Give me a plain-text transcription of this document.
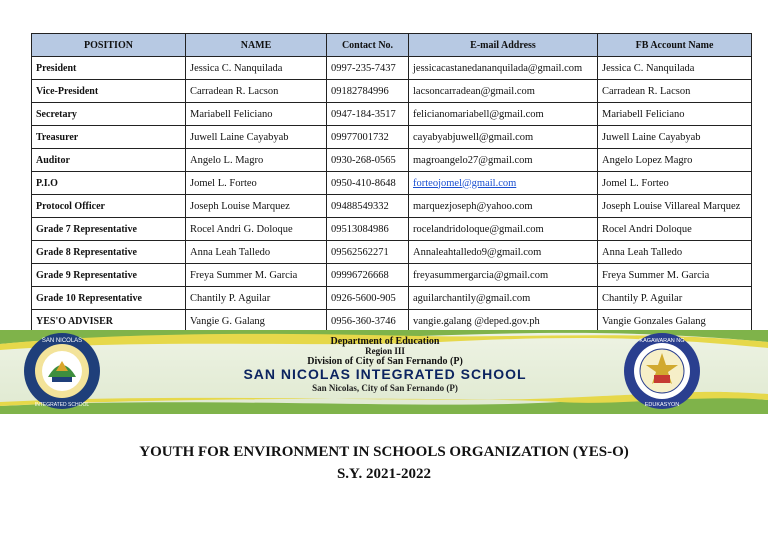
POSITION	NAME	Contact No.	E-mail Address	FB Account Name
President	Jessica C. Nanquilada	0997-235-7437	jessicacastanedananquilada@gmail.com	Jessica C. Nanquilada
Vice-President	Carradean R. Lacson	09182784996	lacsoncarradean@gmail.com	Carradean R. Lacson
Secretary	Mariabell Feliciano	0947-184-3517	felicianomariabell@gmail.com	Mariabell Feliciano
Treasurer	Juwell Laine Cayabyab	09977001732	cayabyabjuwell@gmail.com	Juwell Laine Cayabyab
Auditor	Angelo L. Magro	0930-268-0565	magroangelo27@gmail.com	Angelo Lopez Magro
P.I.O	Jomel L. Forteo	0950-410-8648	forteojomel@gmail.com	Jomel L. Forteo
Protocol Officer	Joseph Louise Marquez	09488549332	marquezjoseph@yahoo.com	Joseph Louise Villareal Marquez
Grade 7 Representative	Rocel Andri G. Doloque	09513084986	rocelandridoloque@gmail.com	Rocel Andri Doloque
Grade 8 Representative	Anna Leah Talledo	09562562271	Annaleahtalledo9@gmail.com	Anna Leah Talledo
Grade 9 Representative	Freya Summer M. Garcia	09996726668	freyasummergarcia@gmail.com	Freya Summer M. Garcia
Grade 10 Representative	Chantily P. Aguilar	0926-5600-905	aguilarchantily@gmail.com	Chantily P. Aguilar
YES'O ADVISER	Vangie G. Galang	0956-360-3746	vangie.galang @deped.gov.ph	Vangie Gonzales Galang
SAN NICOLAS
INTEGRATED SCHOOL
Department of Education
Region III
Division of City of San Fernando (P)
SAN NICOLAS INTEGRATED SCHOOL
San Nicolas, City of San Fernando (P)
KAGAWARAN NG
EDUKASYON
YOUTH FOR ENVIRONMENT IN SCHOOLS ORGANIZATION (YES-O)
S.Y. 2021-2022
